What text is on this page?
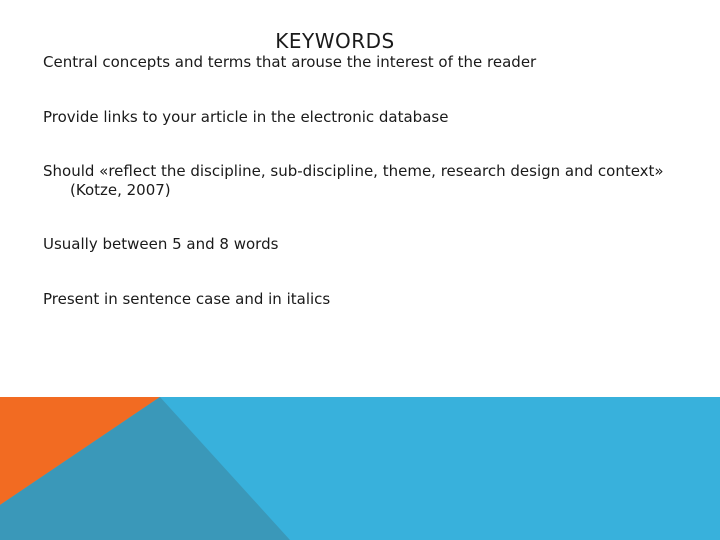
KEYWORDS
Central concepts and terms that arouse the interest of the reader
Provide links to your article in the electronic database
Should «reflect the discipline, sub-discipline, theme, research design and context» (Kotze, 2007)
Usually between 5 and 8 words
Present in sentence case and in italics
